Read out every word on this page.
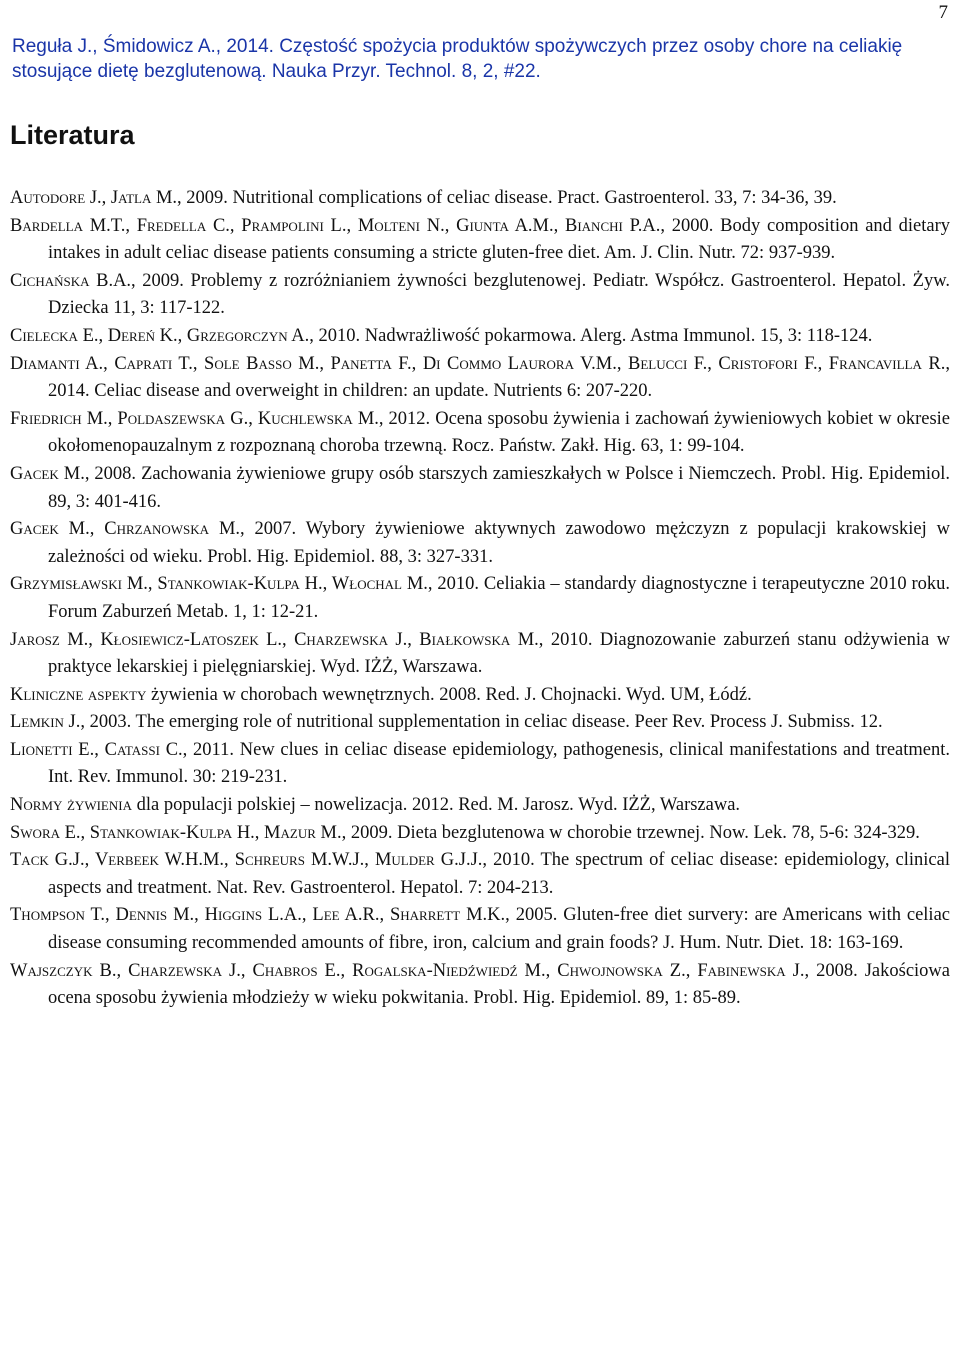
7
Reguła J., Śmidowicz A., 2014. Częstość spożycia produktów spożywczych przez osoby chore na celiakię stosujące dietę bezglutenową. Nauka Przyr. Technol. 8, 2, #22.
Literatura
Autodore J., Jatla M., 2009. Nutritional complications of celiac disease. Pract. Gastroenterol. 33, 7: 34-36, 39.
Bardella M.T., Fredella C., Prampolini L., Molteni N., Giunta A.M., Bianchi P.A., 2000. Body composition and dietary intakes in adult celiac disease patients consuming a stricte gluten-free diet. Am. J. Clin. Nutr. 72: 937-939.
Cichańska B.A., 2009. Problemy z rozróżnianiem żywności bezglutenowej. Pediatr. Współcz. Gastroenterol. Hepatol. Żyw. Dziecka 11, 3: 117-122.
Cielecka E., Dereń K., Grzegorczyn A., 2010. Nadwrażliwość pokarmowa. Alerg. Astma Immunol. 15, 3: 118-124.
Diamanti A., Caprati T., Sole Basso M., Panetta F., Di Commo Laurora V.M., Belucci F., Cristofori F., Francavilla R., 2014. Celiac disease and overweight in children: an update. Nutrients 6: 207-220.
Friedrich M., Poldaszewska G., Kuchlewska M., 2012. Ocena sposobu żywienia i zachowań żywieniowych kobiet w okresie okołomenopauzalnym z rozpoznaną choroba trzewną. Rocz. Państw. Zakł. Hig. 63, 1: 99-104.
Gacek M., 2008. Zachowania żywieniowe grupy osób starszych zamieszkałych w Polsce i Niemczech. Probl. Hig. Epidemiol. 89, 3: 401-416.
Gacek M., Chrzanowska M., 2007. Wybory żywieniowe aktywnych zawodowo mężczyzn z populacji krakowskiej w zależności od wieku. Probl. Hig. Epidemiol. 88, 3: 327-331.
Grzymisławski M., Stankowiak-Kulpa H., Włochal M., 2010. Celiakia – standardy diagnostyczne i terapeutyczne 2010 roku. Forum Zaburzeń Metab. 1, 1: 12-21.
Jarosz M., Kłosiewicz-Latoszek L., Charzewska J., Białkowska M., 2010. Diagnozowanie zaburzeń stanu odżywienia w praktyce lekarskiej i pielęgniarskiej. Wyd. IŻŻ, Warszawa.
Kliniczne aspekty żywienia w chorobach wewnętrznych. 2008. Red. J. Chojnacki. Wyd. UM, Łódź.
Lemkin J., 2003. The emerging role of nutritional supplementation in celiac disease. Peer Rev. Process J. Submiss. 12.
Lionetti E., Catassi C., 2011. New clues in celiac disease epidemiology, pathogenesis, clinical manifestations and treatment. Int. Rev. Immunol. 30: 219-231.
Normy żywienia dla populacji polskiej – nowelizacja. 2012. Red. M. Jarosz. Wyd. IŻŻ, Warszawa.
Swora E., Stankowiak-Kulpa H., Mazur M., 2009. Dieta bezglutenowa w chorobie trzewnej. Now. Lek. 78, 5-6: 324-329.
Tack G.J., Verbeek W.H.M., Schreurs M.W.J., Mulder G.J.J., 2010. The spectrum of celiac disease: epidemiology, clinical aspects and treatment. Nat. Rev. Gastroenterol. Hepatol. 7: 204-213.
Thompson T., Dennis M., Higgins L.A., Lee A.R., Sharrett M.K., 2005. Gluten-free diet survery: are Americans with celiac disease consuming recommended amounts of fibre, iron, calcium and grain foods? J. Hum. Nutr. Diet. 18: 163-169.
Wajszczyk B., Charzewska J., Chabros E., Rogalska-Niedźwiedź M., Chwojnowska Z., Fabinewska J., 2008. Jakościowa ocena sposobu żywienia młodzieży w wieku pokwitania. Probl. Hig. Epidemiol. 89, 1: 85-89.
